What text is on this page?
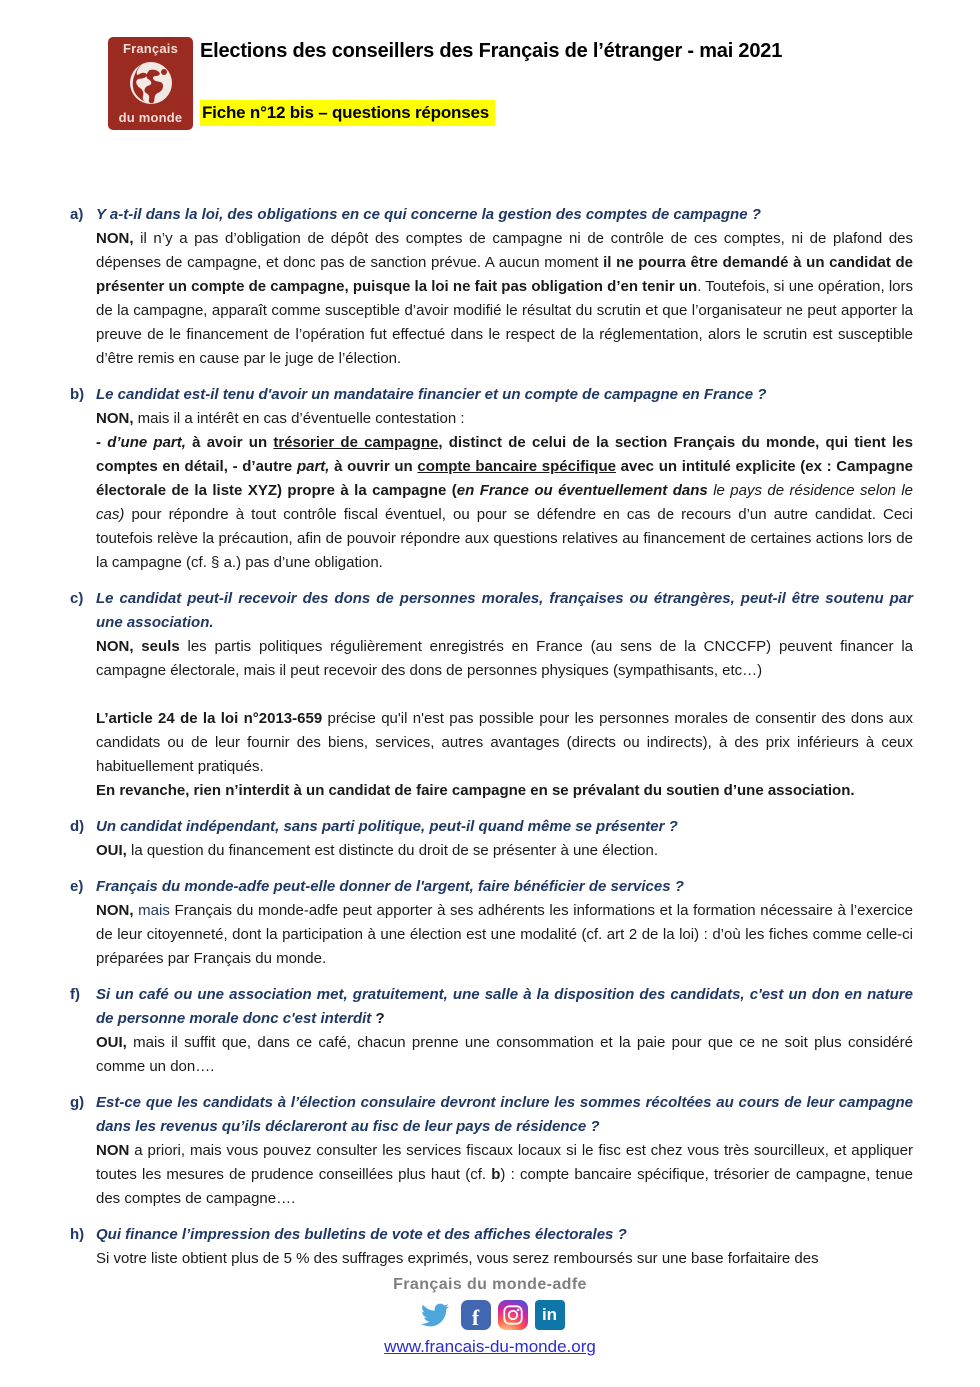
Français
du monde
Elections des conseillers des Français de l’étranger - mai 2021
Fiche n°12 bis – questions réponses
a) Y a-t-il dans la loi, des obligations en ce qui concerne la gestion des comptes de campagne ?

NON, il n’y a pas d’obligation de dépôt des comptes de campagne ni de contrôle de ces comptes, ni de plafond des dépenses de campagne, et donc pas de sanction prévue. A aucun moment il ne pourra être demandé à un candidat de présenter un compte de campagne, puisque la loi ne fait pas obligation d’en tenir un. Toutefois, si une opération, lors de la campagne, apparaît comme susceptible d’avoir modifié le résultat du scrutin et que l’organisateur ne peut apporter la preuve de le financement de l’opération fut effectué dans le respect de la réglementation, alors le scrutin est susceptible d’être remis en cause par le juge de l’élection.

b) Le candidat est-il tenu d'avoir un mandataire financier et un compte de campagne en France ?

NON, mais il a intérêt en cas d’éventuelle contestation :

- d’une part, à avoir un trésorier de campagne, distinct de celui de la section Français du monde, qui tient les comptes en détail, - d’autre part, à ouvrir un compte bancaire spécifique avec un intitulé explicite (ex : Campagne électorale de la liste XYZ) propre à la campagne (en France ou éventuellement dans le pays de résidence selon le cas) pour répondre à tout contrôle fiscal éventuel, ou pour se défendre en cas de recours d’un autre candidat. Ceci toutefois relève la précaution, afin de pouvoir répondre aux questions relatives au financement de certaines actions lors de la campagne (cf. § a.) pas d’une obligation.

c) Le candidat peut-il recevoir des dons de personnes morales, françaises ou étrangères, peut-il être soutenu par une association.

NON, seuls les partis politiques régulièrement enregistrés en France (au sens de la CNCCFP) peuvent financer la campagne électorale, mais il peut recevoir des dons de personnes physiques (sympathisants, etc…)

L’article 24 de la loi n°2013-659 précise qu'il n'est pas possible pour les personnes morales de consentir des dons aux candidats ou de leur fournir des biens, services, autres avantages (directs ou indirects), à des prix inférieurs à ceux habituellement pratiqués.

En revanche, rien n’interdit à un candidat de faire campagne en se prévalant du soutien d’une association.

d) Un candidat indépendant, sans parti politique, peut-il quand même se présenter ?

OUI, la question du financement est distincte du droit de se présenter à une élection.

e) Français du monde-adfe peut-elle donner de l'argent, faire bénéficier de services ?

NON, mais Français du monde-adfe peut apporter à ses adhérents les informations et la formation nécessaire à l’exercice de leur citoyenneté, dont la participation à une élection est une modalité (cf. art 2 de la loi) : d’où les fiches comme celle-ci préparées par Français du monde.

f)	Si un café ou une association met, gratuitement, une salle à la disposition des candidats, c'est un don en nature de personne morale donc c'est interdit ?

OUI, mais il suffit que, dans ce café, chacun prenne une consommation et la paie pour que ce ne soit plus considéré comme un don….

g) Est-ce que les candidats à l’élection consulaire devront inclure les sommes récoltées au cours de leur campagne dans les revenus qu’ils déclareront au fisc de leur pays de résidence ?

NON a priori, mais vous pouvez consulter les services fiscaux locaux si le fisc est chez vous très sourcilleux, et appliquer toutes les mesures de prudence conseillées plus haut (cf. b) : compte bancaire spécifique, trésorier de campagne, tenue des comptes de campagne….

h) Qui finance l’impression des bulletins de vote et des affiches électorales ?

Si votre liste obtient plus de 5 % des suffrages exprimés, vous serez remboursés sur une base forfaitaire des

Français du monde-adfe
f	in
www.francais-du-monde.org
